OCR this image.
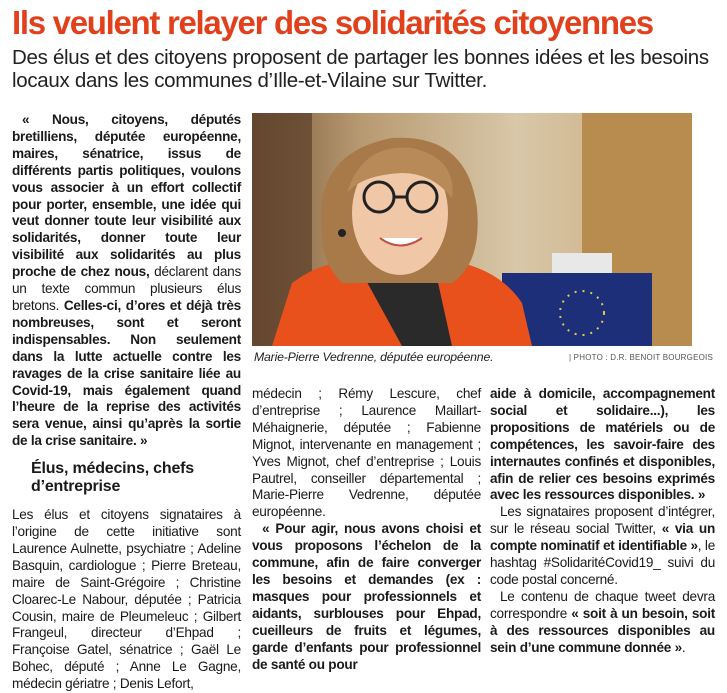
Ils veulent relayer des solidarités citoyennes

Des élus et des citoyens proposent de partager les bonnes idées et les besoins locaux dans les communes d’Ille-et-Vilaine sur Twitter.

« Nous, citoyens, députés bretilliens, députée européenne, maires, sénatrice, issus de différents partis politiques, voulons vous associer à un effort collectif pour porter, ensemble, une idée qui veut donner toute leur visibilité aux solidarités, donner toute leur visibilité aux solidarités au plus proche de chez nous, déclarent dans un texte commun plusieurs élus bretons. Celles-ci, d’ores et déjà très nombreuses, sont et seront indispensables. Non seulement dans la lutte actuelle contre les ravages de la crise sanitaire liée au Covid-19, mais également quand l’heure de la reprise des activités sera venue, ainsi qu’après la sortie de la crise sanitaire. »

Élus, médecins, chefs d’entreprise

Les élus et citoyens signataires à l’origine de cette initiative sont Laurence Aulnette, psychiatre ; Adeline Basquin, cardiologue ; Pierre Breteau, maire de Saint-Grégoire ; Christine Cloarec-Le Nabour, députée ; Patricia Cousin, maire de Pleumeleuc ; Gilbert Frangeul, directeur d’Ehpad ; Françoise Gatel, sénatrice ; Gaël Le Bohec, député ; Anne Le Gagne, médecin gériatre ; Denis Lefort,

Marie-Pierre Vedrenne, députée européenne.	| PHOTO : D.R. BENOIT BOURGEOIS

médecin ; Rémy Lescure, chef d’entreprise ; Laurence Maillart-Méhaignerie, députée ; Fabienne Mignot, intervenante en management ; Yves Mignot, chef d’entreprise ; Louis Pautrel, conseiller départemental ; Marie-Pierre Vedrenne, députée européenne.

« Pour agir, nous avons choisi et vous proposons l’échelon de la commune, afin de faire converger les besoins et demandes (ex : masques pour professionnels et aidants, surblouses pour Ehpad, cueilleurs de fruits et légumes, garde d’enfants pour professionnel de santé ou pour

aide à domicile, accompagnement social et solidaire...), les propositions de matériels ou de compétences, les savoir-faire des internautes confinés et disponibles, afin de relier ces besoins exprimés avec les ressources disponibles. »

Les signataires proposent d’intégrer, sur le réseau social Twitter, « via un compte nominatif et identifiable », le hashtag #SolidaritéCovid19_ suivi du code postal concerné.

Le contenu de chaque tweet devra correspondre « soit à un besoin, soit à des ressources disponibles au sein d’une commune donnée ».
